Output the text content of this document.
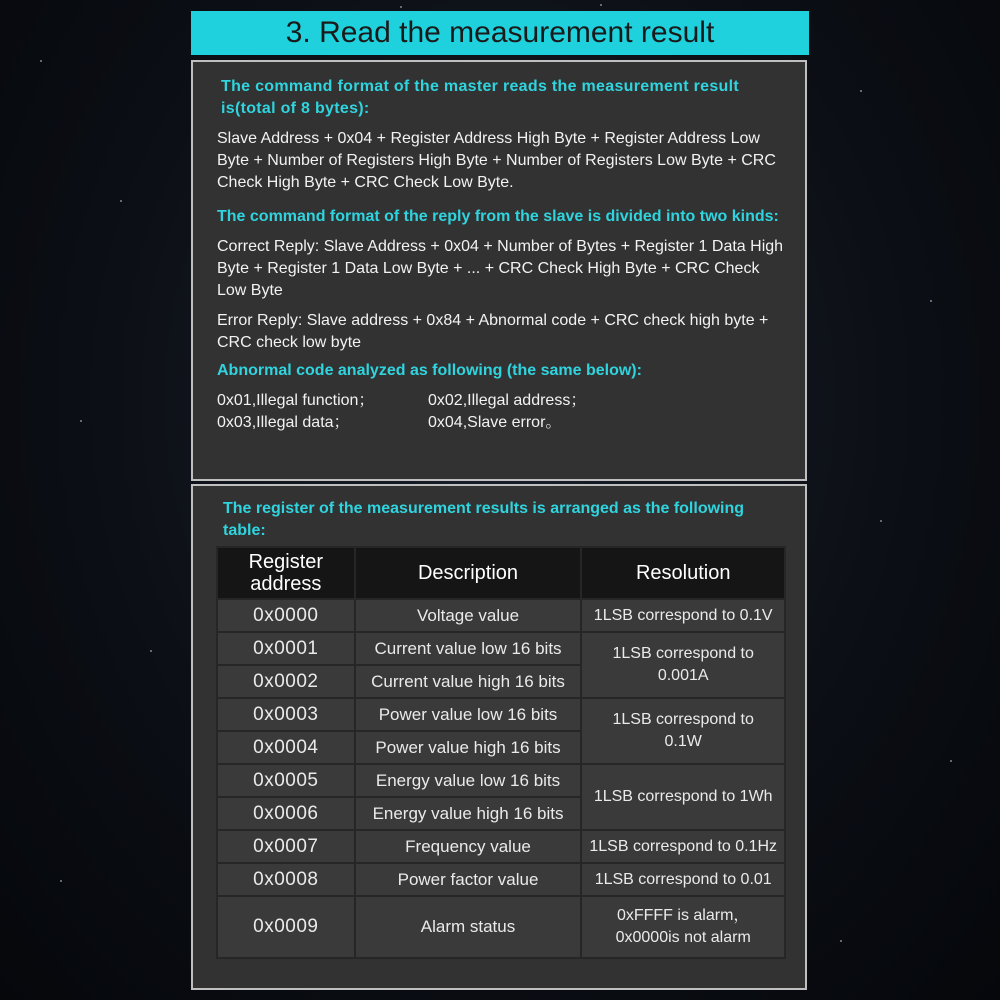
3. Read the measurement result

The command format of the master reads the measurement result is(total of 8 bytes):

Slave Address + 0x04 + Register Address High Byte + Register Address Low Byte + Number of Registers High Byte + Number of Registers Low Byte + CRC Check High Byte + CRC Check Low Byte.

The command format of the reply from the slave is divided into two kinds:

Correct Reply: Slave Address + 0x04 + Number of Bytes + Register 1 Data High Byte + Register 1 Data Low Byte + ... + CRC Check High Byte + CRC Check Low Byte

Error Reply: Slave address + 0x84 + Abnormal code + CRC check high byte + CRC check low byte

Abnormal code analyzed as following (the same below):

0x01,Illegal function；	0x02,Illegal address；
0x03,Illegal data；	0x04,Slave error。

The register of the measurement results is arranged as the following table:

Register address	Description	Resolution
0x0000	Voltage value	1LSB correspond to 0.1V
0x0001	Current value low 16 bits	1LSB correspond to 0.001A

0x0002	Current value high 16 bits	
0x0003	Power value low 16 bits	1LSB correspond to 0.1W

0x0004	Power value high 16 bits	
0x0005	Energy value low 16 bits	1LSB correspond to 1Wh
0x0006	Energy value high 16 bits	
0x0007	Frequency value	1LSB correspond to 0.1Hz
0x0008	Power factor value	1LSB correspond to 0.01
0x0009	Alarm status	0xFFFF is alarm，0x0000is not alarm
